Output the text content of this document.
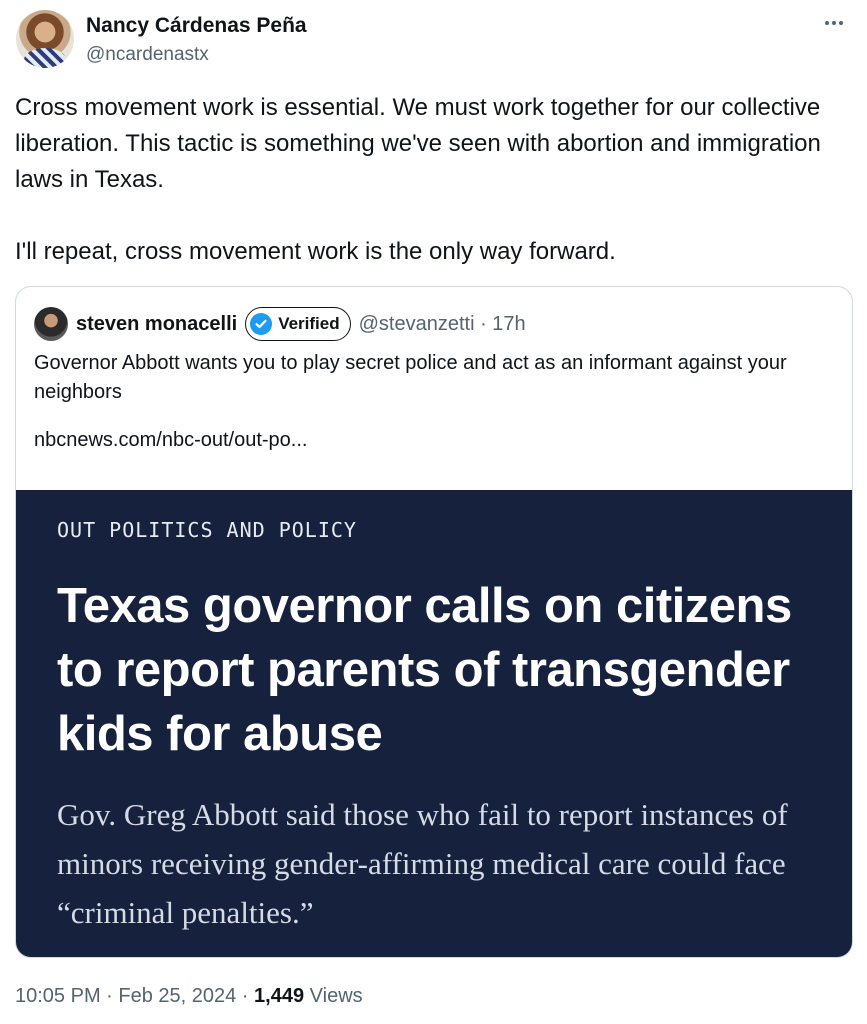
Nancy Cárdenas Peña
@ncardenastx

Cross movement work is essential. We must work together for our collective liberation. This tactic is something we've seen with abortion and immigration laws in Texas.

I'll repeat, cross movement work is the only way forward.

steven monacelli Verified @stevanzetti · 17h
Governor Abbott wants you to play secret police and act as an informant against your neighbors
nbcnews.com/nbc-out/out-po...
OUT POLITICS AND POLICY
Texas governor calls on citizens to report parents of transgender kids for abuse
Gov. Greg Abbott said those who fail to report instances of minors receiving gender-affirming medical care could face “criminal penalties.”
10:05 PM · Feb 25, 2024 · 1,449 Views
